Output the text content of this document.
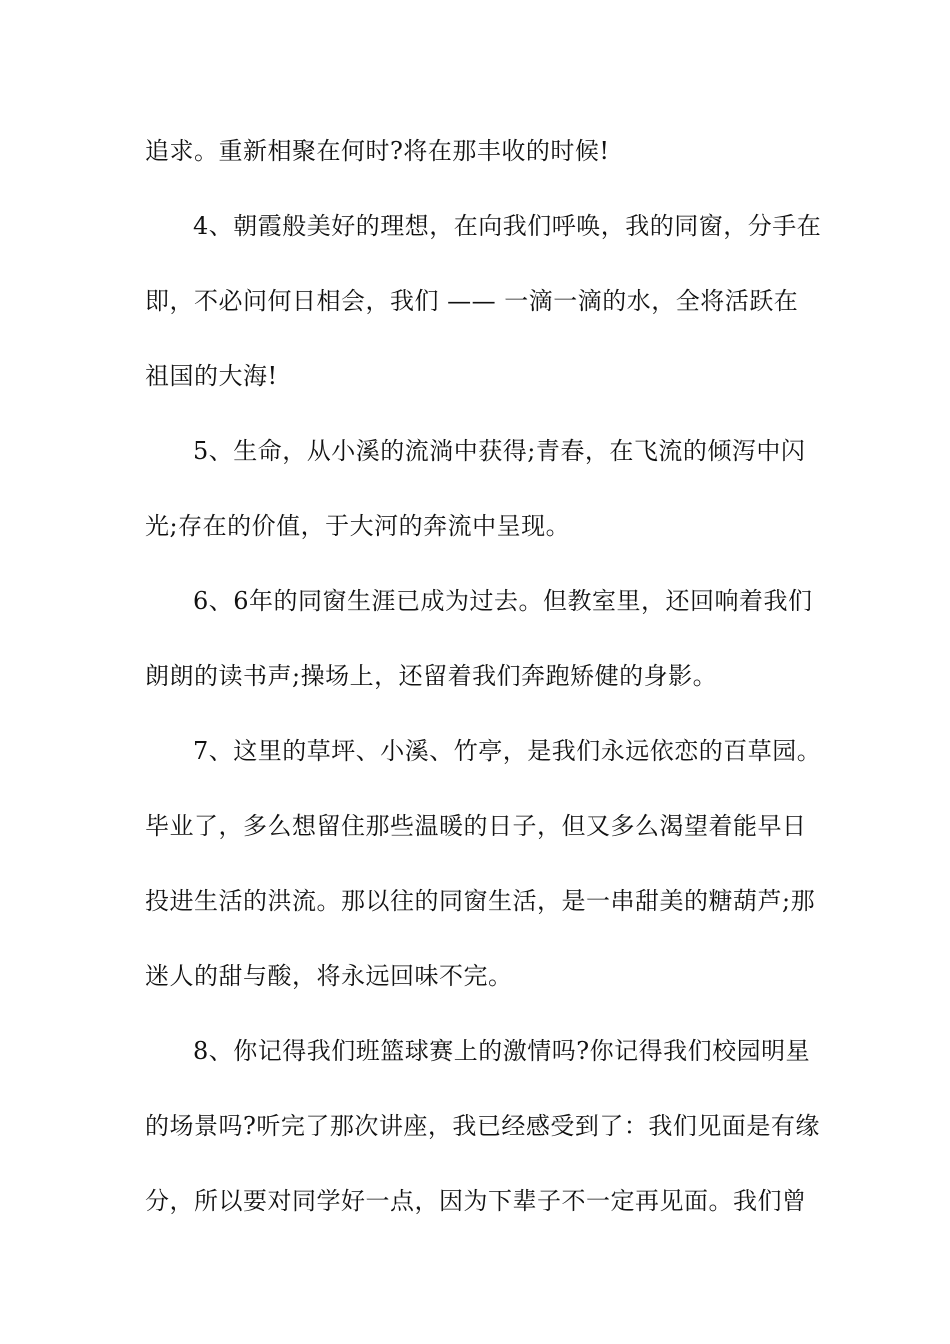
追求。重新相聚在何时?将在那丰收的时候!
4、朝霞般美好的理想，在向我们呼唤，我的同窗，分手在
即，不必问何日相会，我们 —— 一滴一滴的水，全将活跃在
祖国的大海!
5、生命，从小溪的流淌中获得;青春，在飞流的倾泻中闪
光;存在的价值，于大河的奔流中呈现。
6、6年的同窗生涯已成为过去。但教室里，还回响着我们
朗朗的读书声;操场上，还留着我们奔跑矫健的身影。
7、这里的草坪、小溪、竹亭，是我们永远依恋的百草园。
毕业了，多么想留住那些温暖的日子，但又多么渴望着能早日
投进生活的洪流。那以往的同窗生活，是一串甜美的糖葫芦;那
迷人的甜与酸，将永远回味不完。
8、你记得我们班篮球赛上的激情吗?你记得我们校园明星
的场景吗?听完了那次讲座，我已经感受到了：我们见面是有缘
分，所以要对同学好一点，因为下辈子不一定再见面。我们曾
